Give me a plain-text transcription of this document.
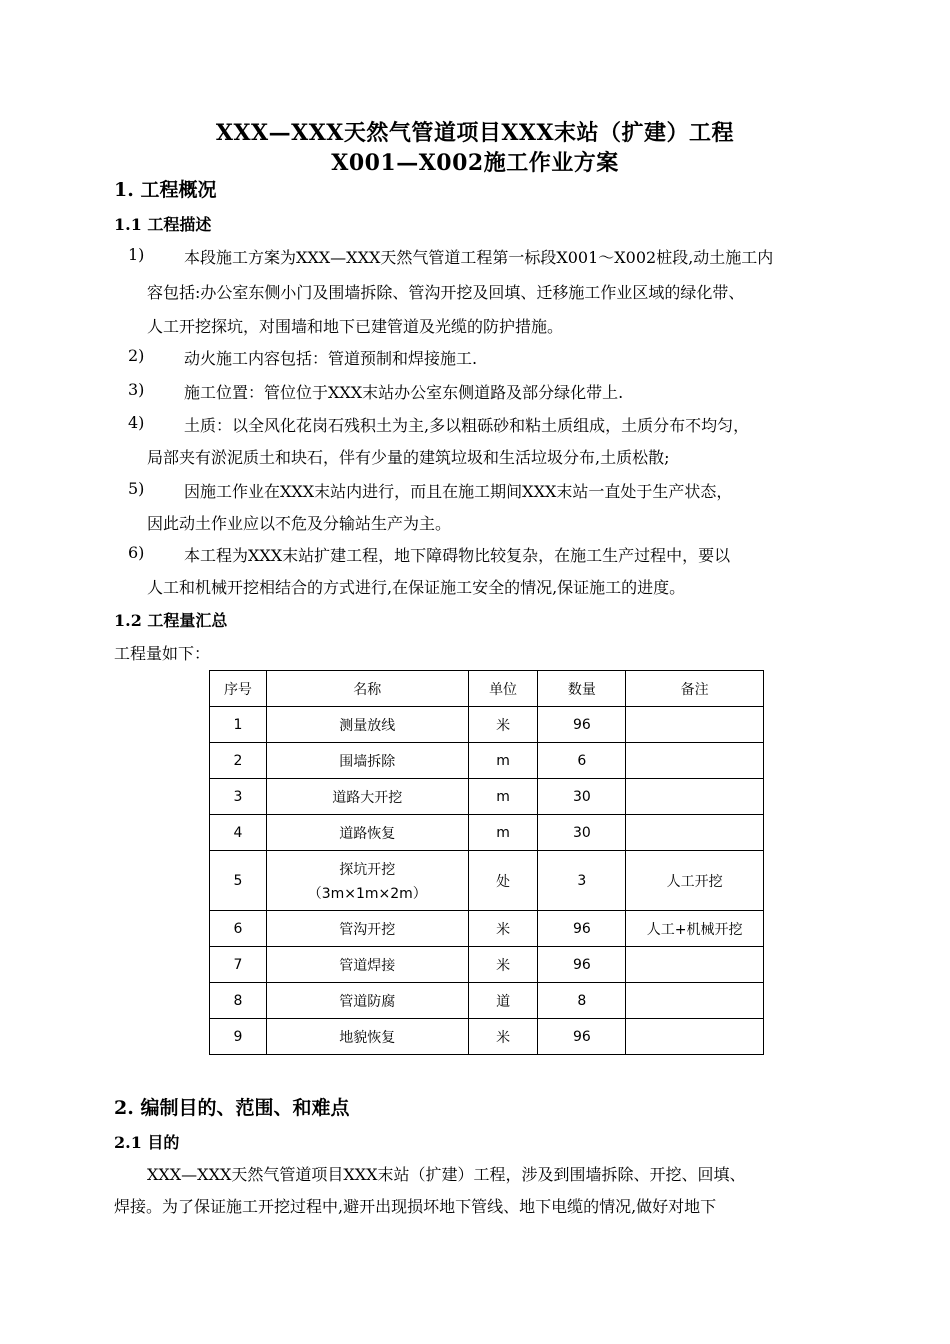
XXX—XXX天然气管道项目XXX末站（扩建）工程
X001—X002施工作业方案
1. 工程概况
1.1 工程描述
1) 本段施工方案为XXX—XXX天然气管道工程第一标段X001～X002桩段,动土施工内
容包括:办公室东侧小门及围墙拆除、管沟开挖及回填、迁移施工作业区域的绿化带、
人工开挖探坑，对围墙和地下已建管道及光缆的防护措施。
2) 动火施工内容包括：管道预制和焊接施工.
3) 施工位置：管位位于XXX末站办公室东侧道路及部分绿化带上.
4) 土质：以全风化花岗石残积土为主,多以粗砾砂和粘土质组成，土质分布不均匀，
局部夹有淤泥质土和块石，伴有少量的建筑垃圾和生活垃圾分布,土质松散;
5) 因施工作业在XXX末站内进行，而且在施工期间XXX末站一直处于生产状态，
因此动土作业应以不危及分输站生产为主。
6) 本工程为XXX末站扩建工程，地下障碍物比较复杂，在施工生产过程中，要以
人工和机械开挖相结合的方式进行,在保证施工安全的情况,保证施工的进度。
1.2 工程量汇总
工程量如下：
序号	名称	单位	数量	备注
1	测量放线	米	96	
2	围墙拆除	m	6	
3	道路大开挖	m	30	
4	道路恢复	m	30	
5	探坑开挖
（3m×1m×2m）	处	3	人工开挖
6	管沟开挖	米	96	人工+机械开挖
7	管道焊接	米	96	
8	管道防腐	道	8	
9	地貌恢复	米	96	
2. 编制目的、范围、和难点
2.1 目的
XXX—XXX天然气管道项目XXX末站（扩建）工程，涉及到围墙拆除、开挖、回填、
焊接。为了保证施工开挖过程中,避开出现损坏地下管线、地下电缆的情况,做好对地下
